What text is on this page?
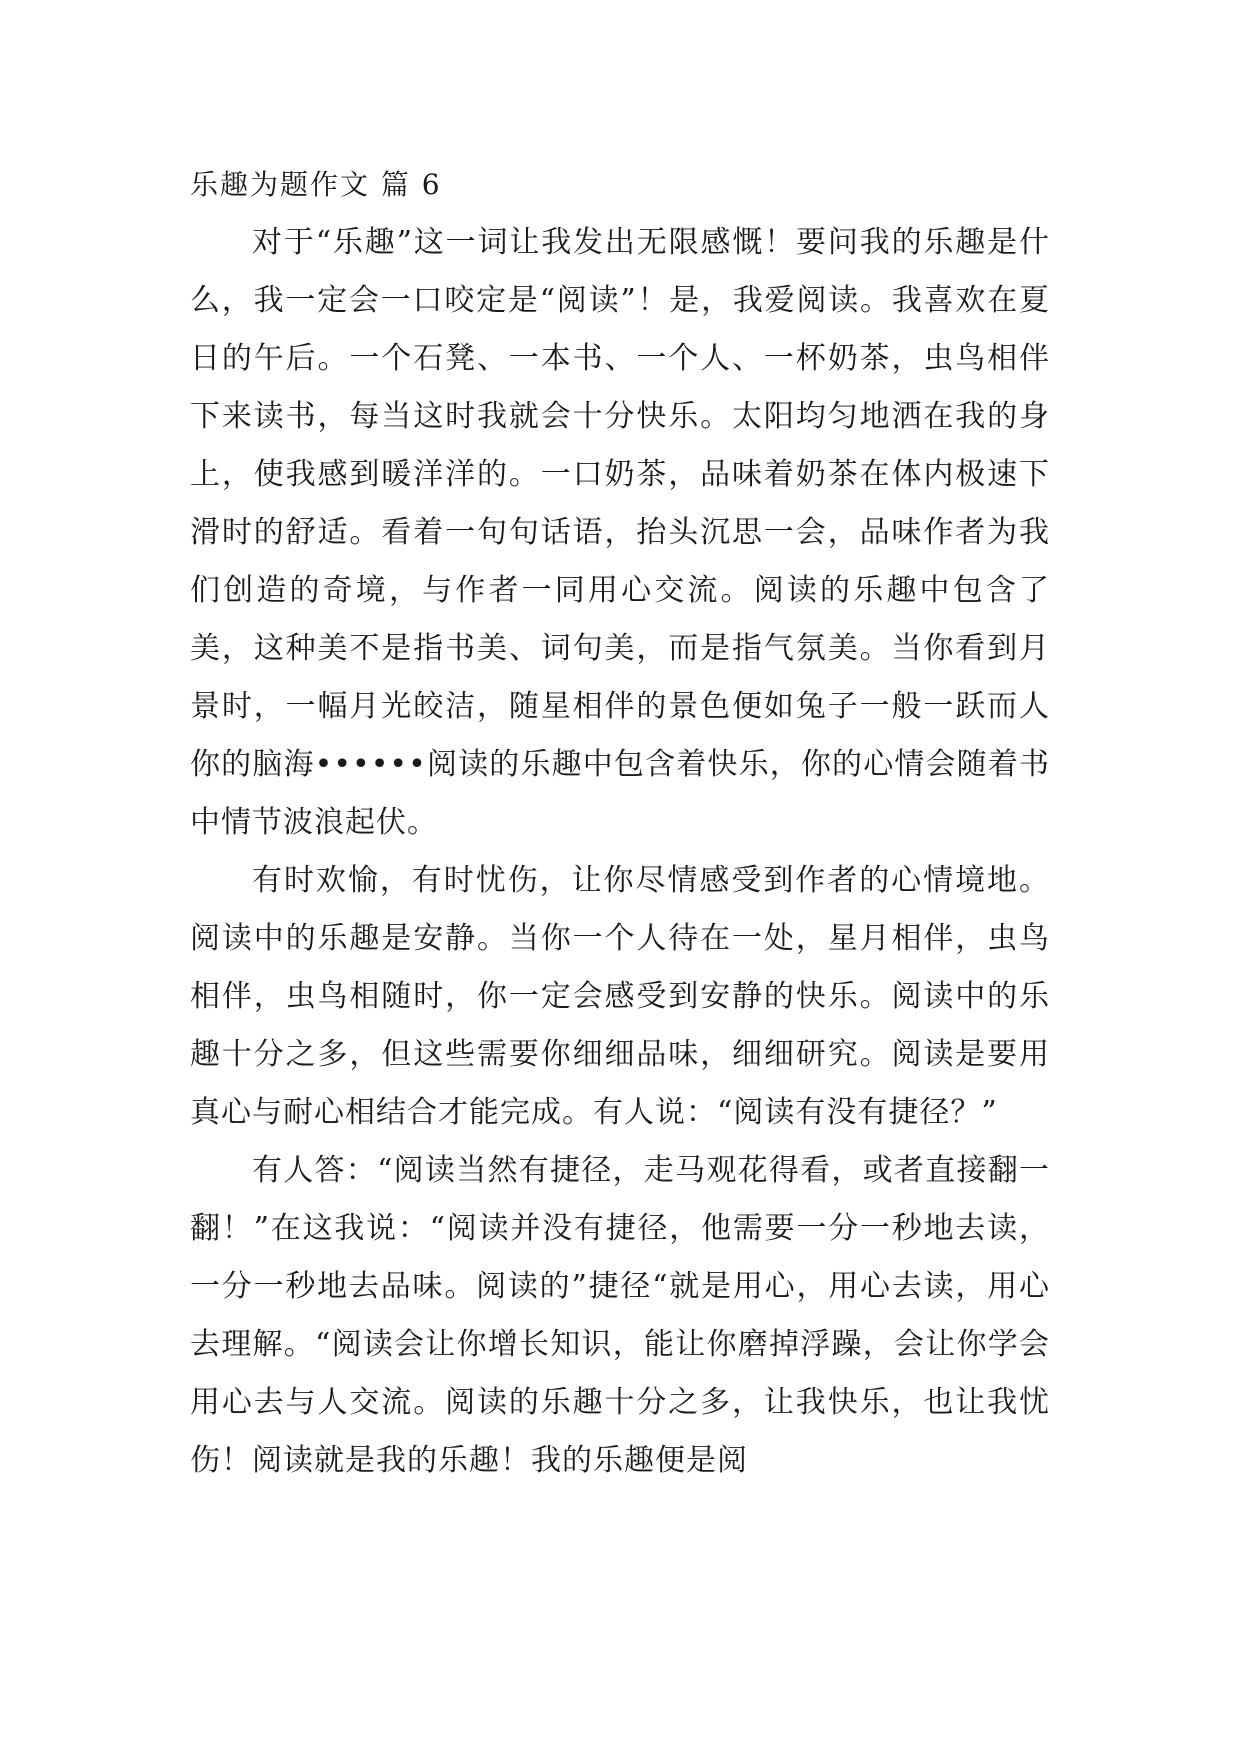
乐趣为题作文 篇 6

对于“乐趣”这一词让我发出无限感慨！要问我的乐趣是什么，我一定会一口咬定是“阅读”！是，我爱阅读。我喜欢在夏日的午后。一个石凳、一本书、一个人、一杯奶茶，虫鸟相伴下来读书，每当这时我就会十分快乐。太阳均匀地洒在我的身上，使我感到暖洋洋的。一口奶茶，品味着奶茶在体内极速下滑时的舒适。看着一句句话语，抬头沉思一会，品味作者为我们创造的奇境，与作者一同用心交流。阅读的乐趣中包含了美，这种美不是指书美、词句美，而是指气氛美。当你看到月景时，一幅月光皎洁，随星相伴的景色便如兔子一般一跃而人你的脑海••••••阅读的乐趣中包含着快乐，你的心情会随着书中情节波浪起伏。

有时欢愉，有时忧伤，让你尽情感受到作者的心情境地。阅读中的乐趣是安静。当你一个人待在一处，星月相伴，虫鸟相伴，虫鸟相随时，你一定会感受到安静的快乐。阅读中的乐趣十分之多，但这些需要你细细品味，细细研究。阅读是要用真心与耐心相结合才能完成。有人说：“阅读有没有捷径？”

有人答：“阅读当然有捷径，走马观花得看，或者直接翻一翻！”在这我说：“阅读并没有捷径，他需要一分一秒地去读，一分一秒地去品味。阅读的”捷径“就是用心，用心去读，用心去理解。“阅读会让你增长知识，能让你磨掉浮躁，会让你学会用心去与人交流。阅读的乐趣十分之多，让我快乐，也让我忧伤！阅读就是我的乐趣！我的乐趣便是阅
